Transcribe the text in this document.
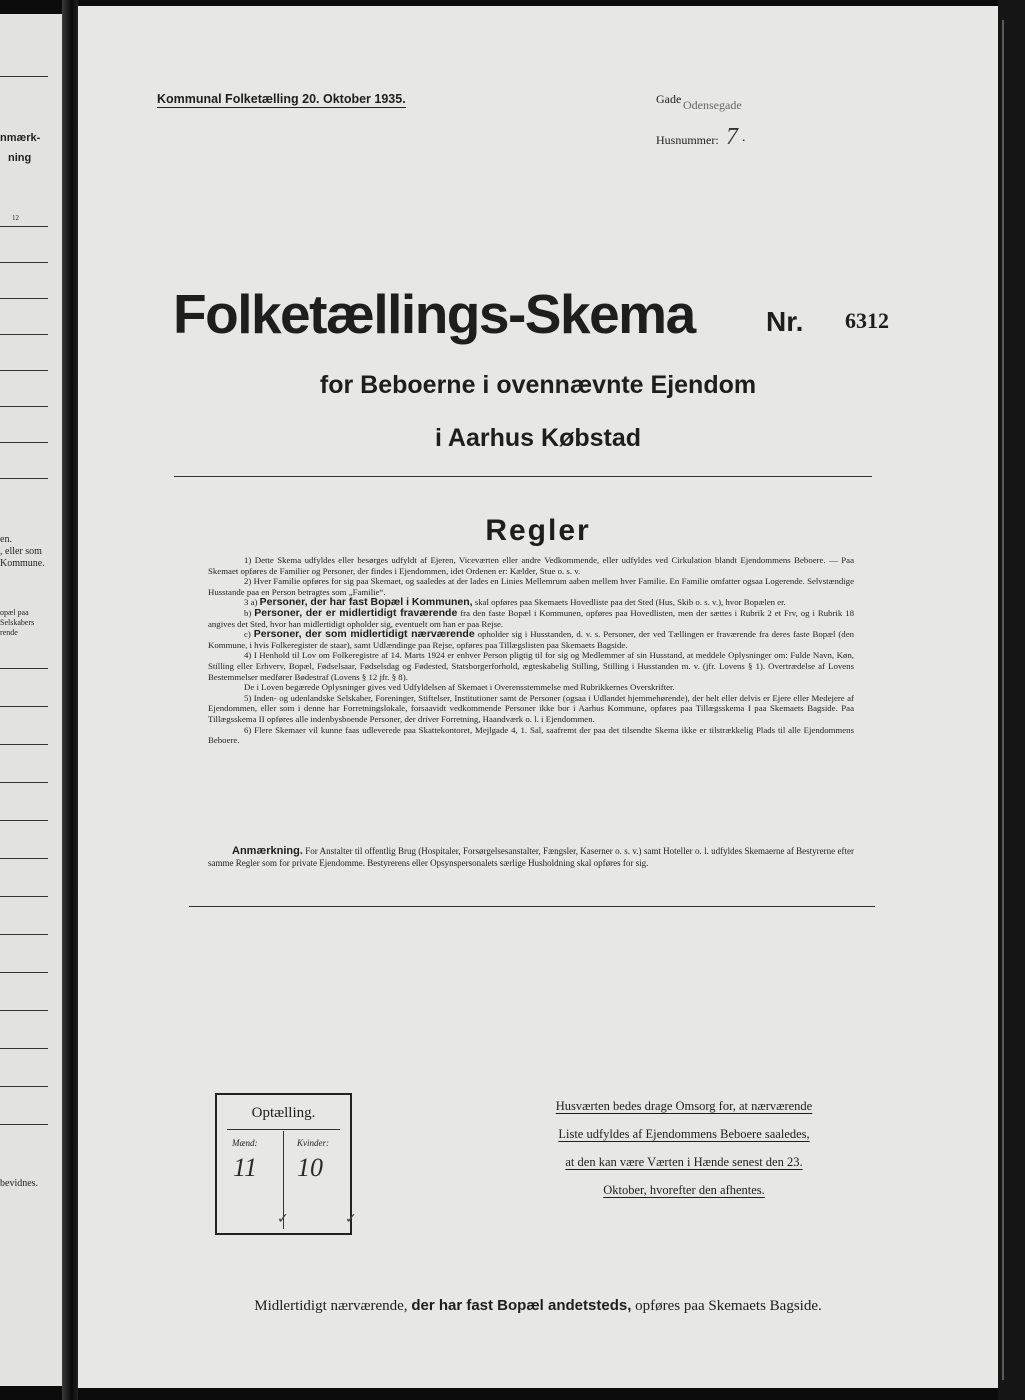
nmærk-
ning
12
en.
, eller som
Kommune.
opæl paa
Selskabers
rende
bevidnes.
Kommunal Folketælling 20. Oktober 1935.	Gade Odensegade
Husnummer: 7 .
Folketællings-Skema	Nr. 6312
for Beboerne i ovennævnte Ejendom
i Aarhus Købstad
Regler

1) Dette Skema udfyldes eller besørges udfyldt af Ejeren, Viceværten eller andre Vedkommende, eller udfyldes ved Cirkulation blandt Ejendommens Beboere. — Paa Skemaet opføres de Familier og Personer, der findes i Ejendommen, idet Ordenen er: Kælder, Stue o. s. v.

2) Hver Familie opføres for sig paa Skemaet, og saaledes at der lades en Linies Mellemrum aaben mellem hver Familie. En Familie omfatter ogsaa Logerende. Selvstændige Husstande paa en Person betragtes som „Familie“.

3 a) Personer, der har fast Bopæl i Kommunen, skal opføres paa Skemaets Hovedliste paa det Sted (Hus, Skib o. s. v.), hvor Bopælen er.

b) Personer, der er midlertidigt fraværende fra den faste Bopæl i Kommunen, opføres paa Hovedlisten, men der sættes i Rubrik 2 et Frv, og i Rubrik 18 angives det Sted, hvor han midlertidigt opholder sig, eventuelt om han er paa Rejse.

c) Personer, der som midlertidigt nærværende opholder sig i Husstanden, d. v. s. Personer, der ved Tællingen er fraværende fra deres faste Bopæl (den Kommune, i hvis Folkeregister de staar), samt Udlændinge paa Rejse, opføres paa Tillægslisten paa Skemaets Bagside.

4) I Henhold til Lov om Folkeregistre af 14. Marts 1924 er enhver Person pligtig til for sig og Medlemmer af sin Husstand, at meddele Oplysninger om: Fulde Navn, Køn, Stilling eller Erhverv, Bopæl, Fødselsaar, Fødselsdag og Fødested, Statsborgerforhold, ægteskabelig Stilling, Stilling i Husstanden m. v. (jfr. Lovens § 1). Overtrædelse af Lovens Bestemmelser medfører Bødestraf (Lovens § 12 jfr. § 8).

De i Loven begærede Oplysninger gives ved Udfyldelsen af Skemaet i Overensstemmelse med Rubrikkernes Overskrifter.

5) Inden- og udenlandske Selskaber, Foreninger, Stiftelser, Institutioner samt de Personer (ogsaa i Udlandet hjemmehørende), der helt eller delvis er Ejere eller Medejere af Ejendommen, eller som i denne har Forretningslokale, forsaavidt vedkommende Personer ikke bor i Aarhus Kommune, opføres paa Tillægsskema I paa Skemaets Bagside. Paa Tillægsskema II opføres alle indenbysboende Personer, der driver Forretning, Haandværk o. l. i Ejendommen.

6) Flere Skemaer vil kunne faas udleverede paa Skattekontoret, Mejlgade 4, 1. Sal, saafremt der paa det tilsendte Skema ikke er tilstrækkelig Plads til alle Ejendommens Beboere.

Anmærkning. For Anstalter til offentlig Brug (Hospitaler, Forsørgelsesanstalter, Fængsler, Kaserner o. s. v.) samt Hoteller o. l. udfyldes Skemaerne af Bestyrerne efter samme Regler som for private Ejendomme. Bestyrerens eller Opsynspersonalets særlige Husholdning skal opføres for sig.

Optælling.
Mænd:	Kvinder:
11 10
✓	✓
Husværten bedes drage Omsorg for, at nærværende
Liste udfyldes af Ejendommens Beboere saaledes,
at den kan være Værten i Hænde senest den 23.
Oktober, hvorefter den afhentes.
Midlertidigt nærværende, der har fast Bopæl andetsteds, opføres paa Skemaets Bagside.
